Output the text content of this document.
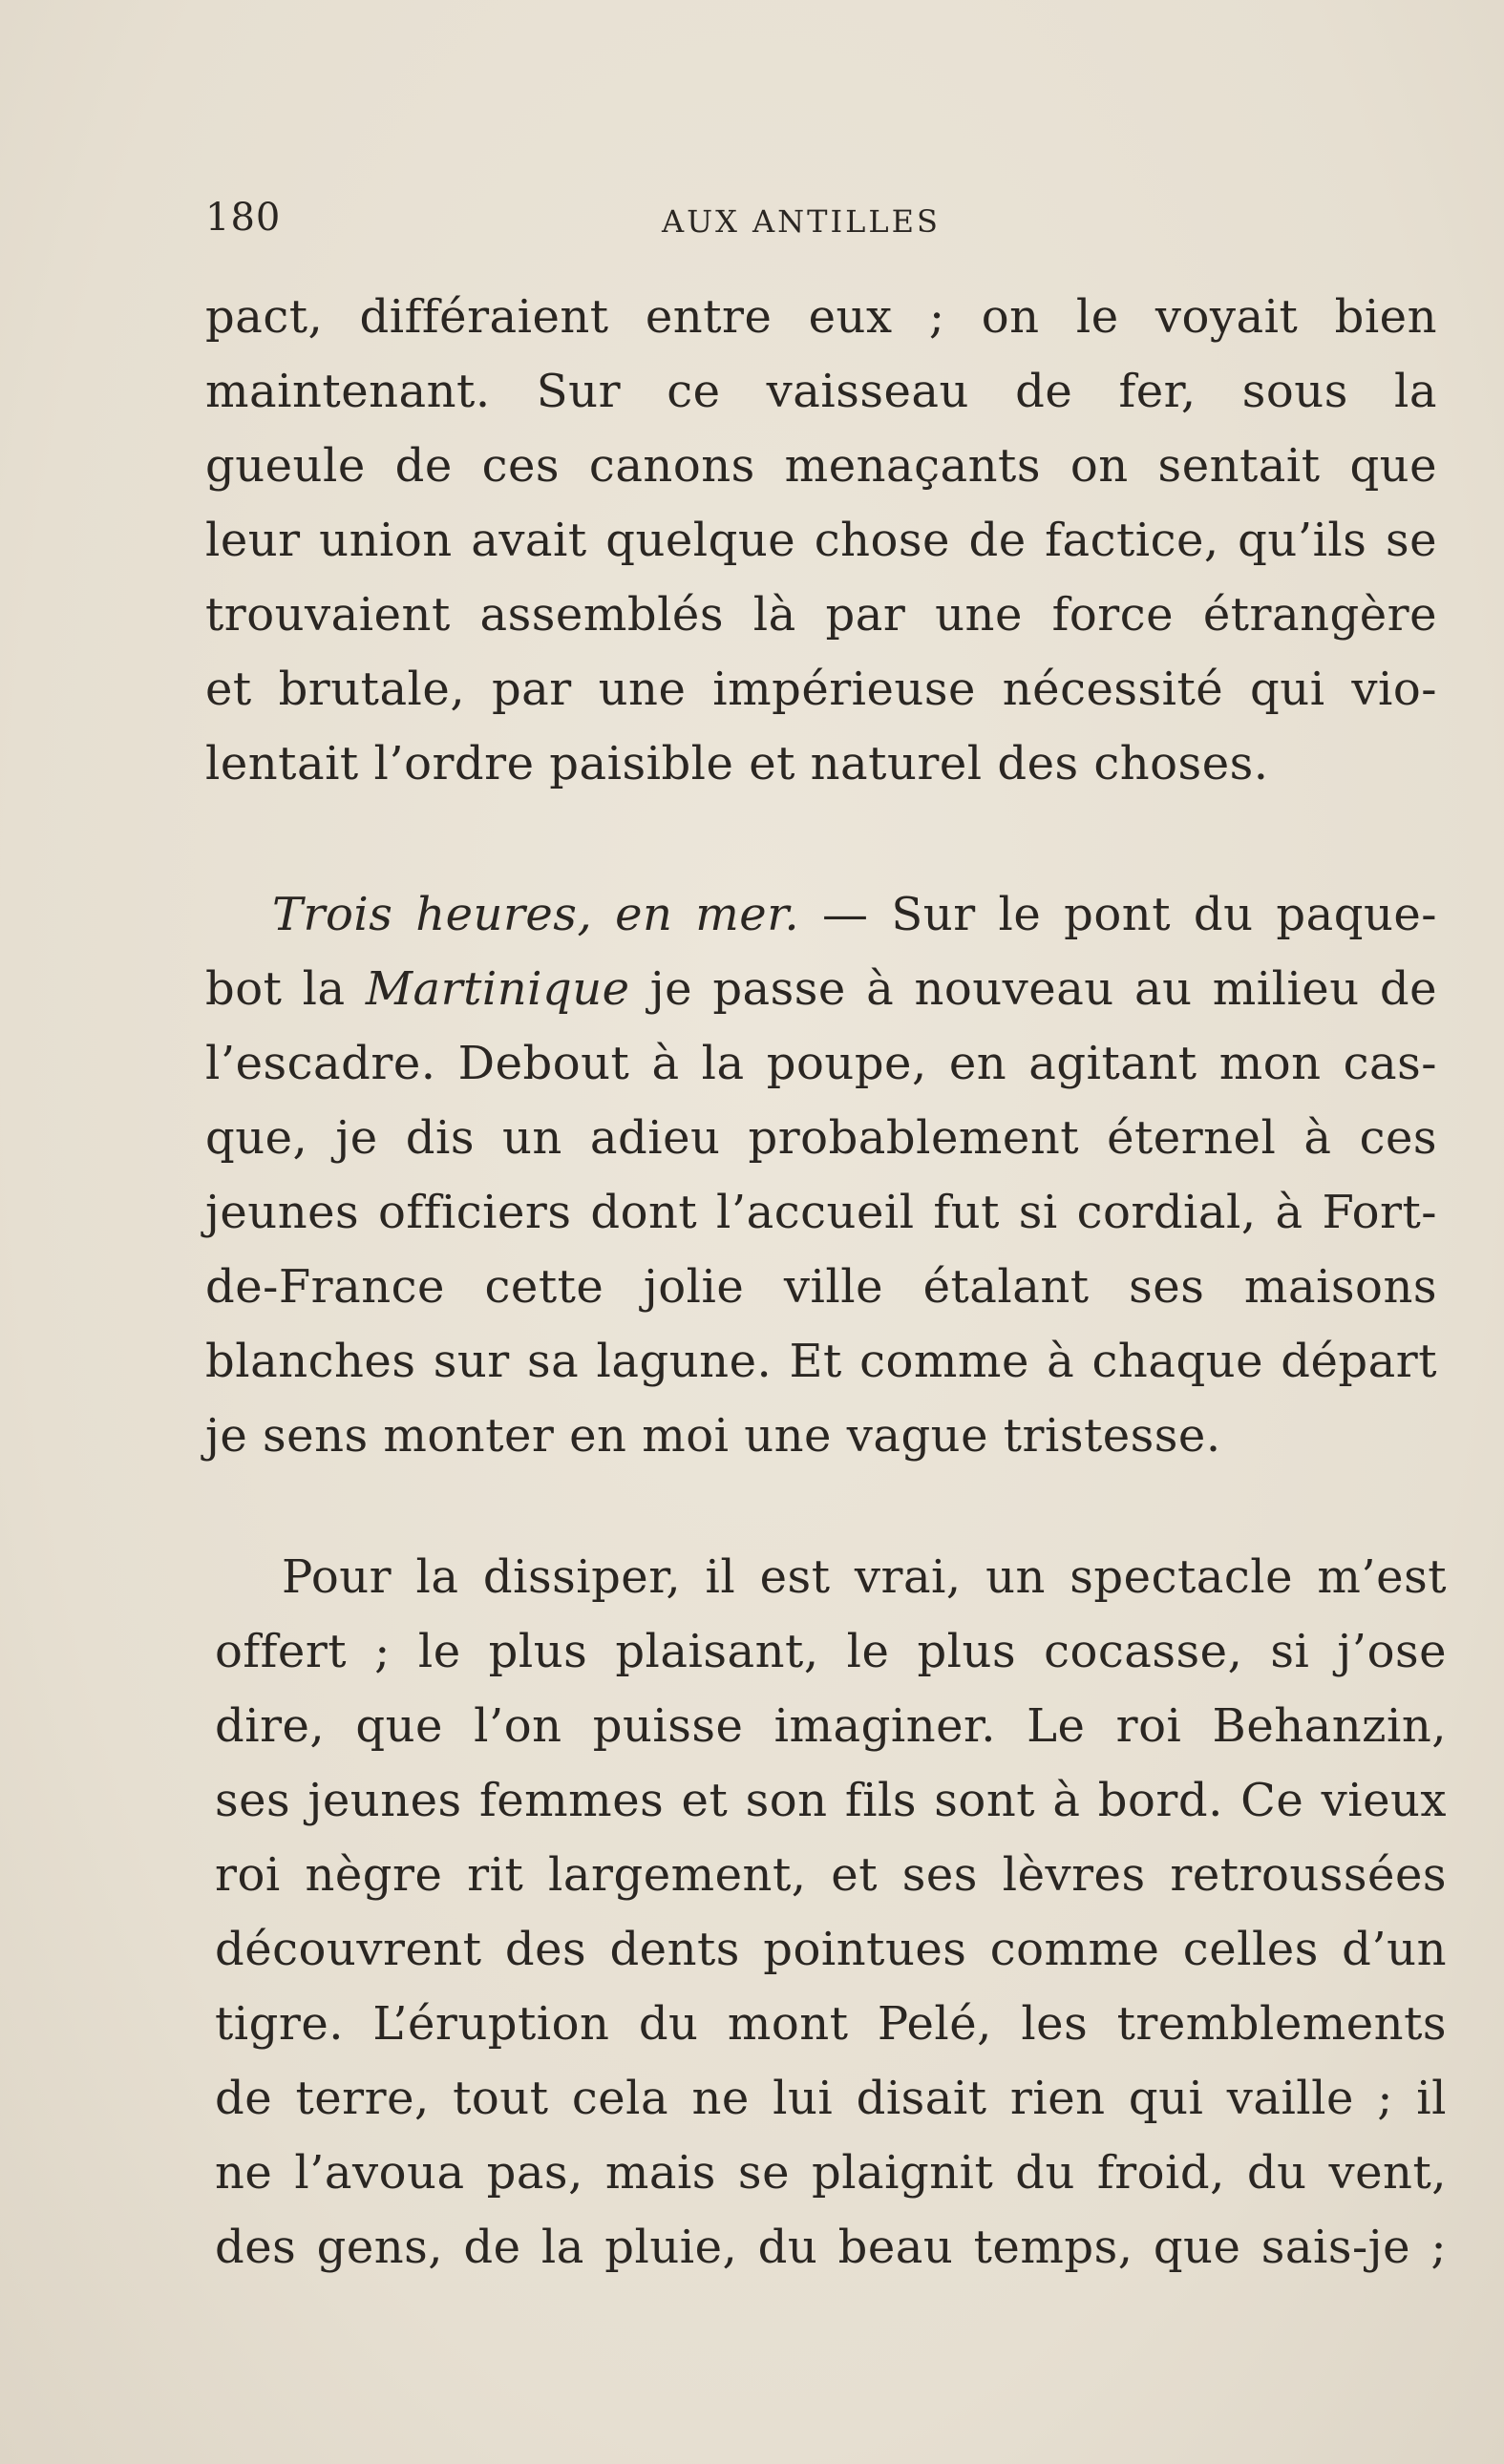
180	AUX ANTILLES
pact, différaient entre eux ; on le voyait bien
maintenant. Sur ce vaisseau de fer, sous la
gueule de ces canons menaçants on sentait que
leur union avait quelque chose de factice, qu’ils se
trouvaient assemblés là par une force étrangère
et brutale, par une impérieuse nécessité qui vio-
lentait l’ordre paisible et naturel des choses.
Trois heures, en mer. — Sur le pont du paque-
bot la Martinique je passe à nouveau au milieu de
l’escadre. Debout à la poupe, en agitant mon cas-
que, je dis un adieu probablement éternel à ces
jeunes officiers dont l’accueil fut si cordial, à Fort-
de-France cette jolie ville étalant ses maisons
blanches sur sa lagune. Et comme à chaque départ
je sens monter en moi une vague tristesse.
Pour la dissiper, il est vrai, un spectacle m’est
offert ; le plus plaisant, le plus cocasse, si j’ose
dire, que l’on puisse imaginer. Le roi Behanzin,
ses jeunes femmes et son fils sont à bord. Ce vieux
roi nègre rit largement, et ses lèvres retroussées
découvrent des dents pointues comme celles d’un
tigre. L’éruption du mont Pelé, les tremblements
de terre, tout cela ne lui disait rien qui vaille ; il
ne l’avoua pas, mais se plaignit du froid, du vent,
des gens, de la pluie, du beau temps, que sais-je ;
